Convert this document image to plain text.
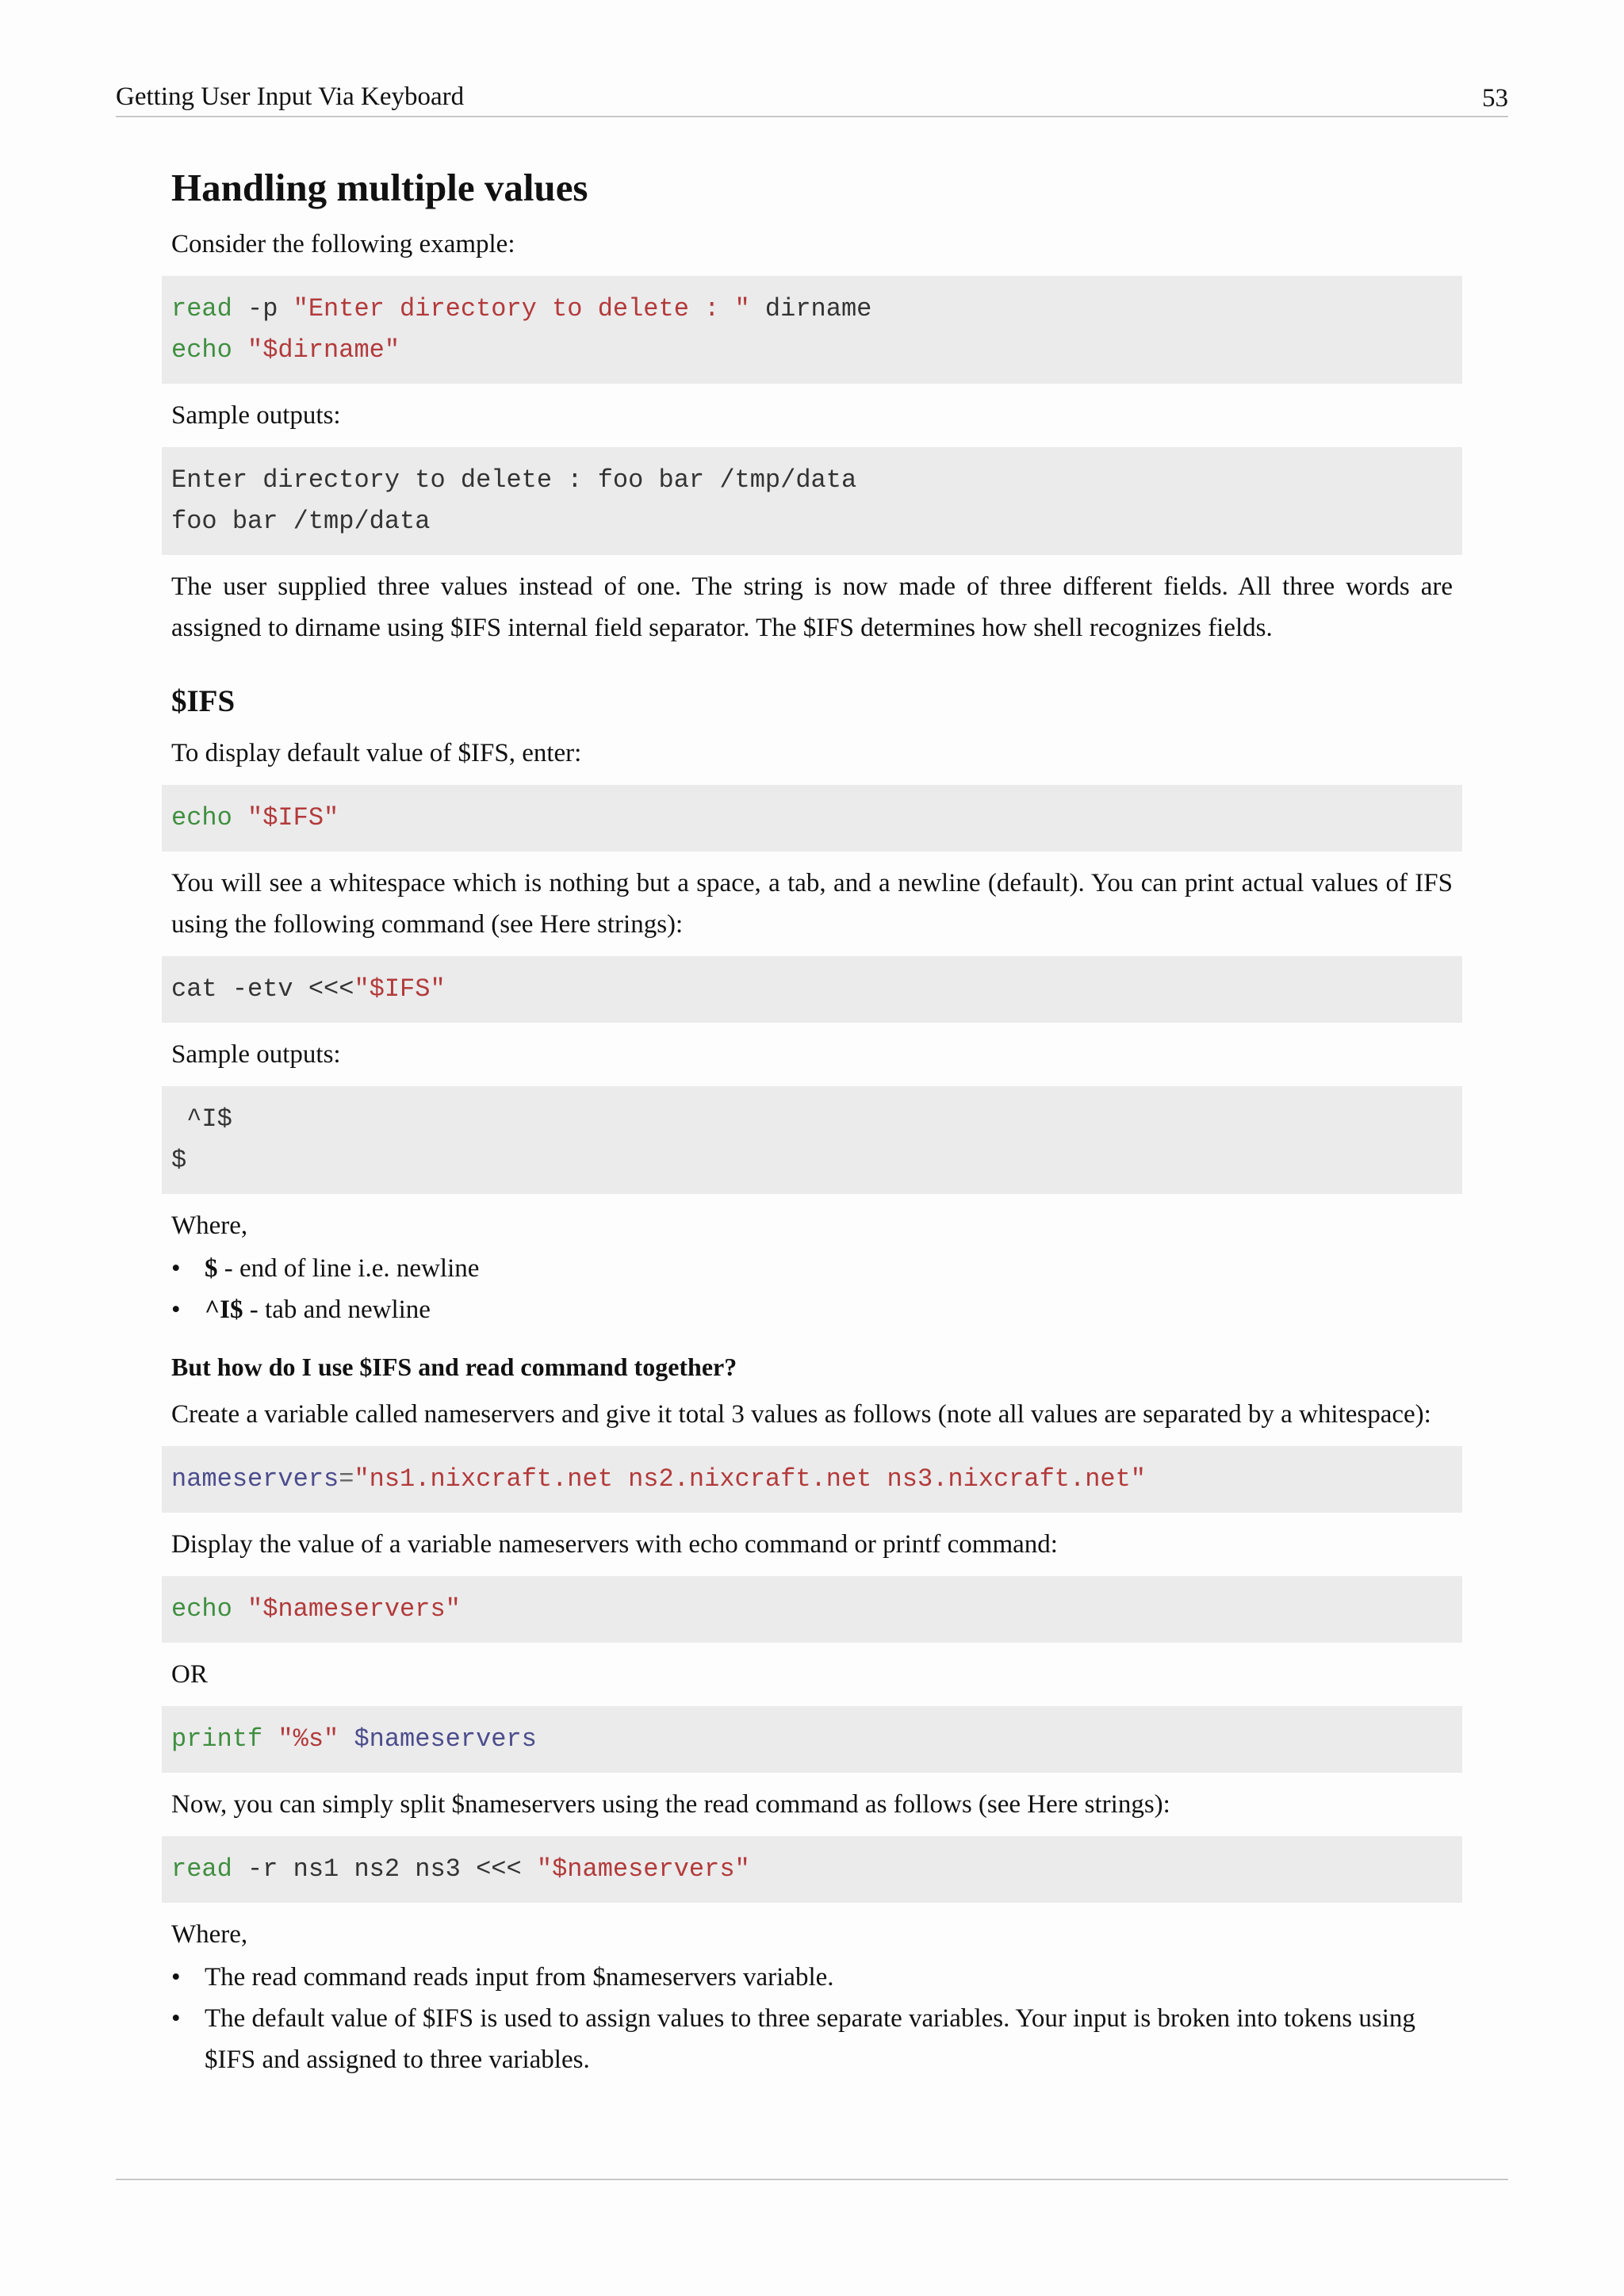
Getting User Input Via Keyboard	53
Handling multiple values

Consider the following example:

read -p "Enter directory to delete : " dirname
echo "$dirname"

Sample outputs:

Enter directory to delete : foo bar /tmp/data
foo bar /tmp/data

The user supplied three values instead of one. The string is now made of three different fields. All three words are assigned to dirname using $IFS internal field separator. The $IFS determines how shell recognizes fields.

$IFS

To display default value of $IFS, enter:

echo "$IFS"

You will see a whitespace which is nothing but a space, a tab, and a newline (default). You can print actual values of IFS using the following command (see Here strings):

cat -etv <<<"$IFS"

Sample outputs:

^I$
$

Where,

• $ - end of line i.e. newline
• ^I$ - tab and newline
But how do I use $IFS and read command together?

Create a variable called nameservers and give it total 3 values as follows (note all values are separated by a whitespace):

nameservers="ns1.nixcraft.net ns2.nixcraft.net ns3.nixcraft.net"

Display the value of a variable nameservers with echo command or printf command:

echo "$nameservers"

OR

printf "%s" $nameservers

Now, you can simply split $nameservers using the read command as follows (see Here strings):

read -r ns1 ns2 ns3 <<< "$nameservers"

Where,

• The read command reads input from $nameservers variable.
• The default value of $IFS is used to assign values to three separate variables. Your input is broken into tokens using $IFS and assigned to three variables.
